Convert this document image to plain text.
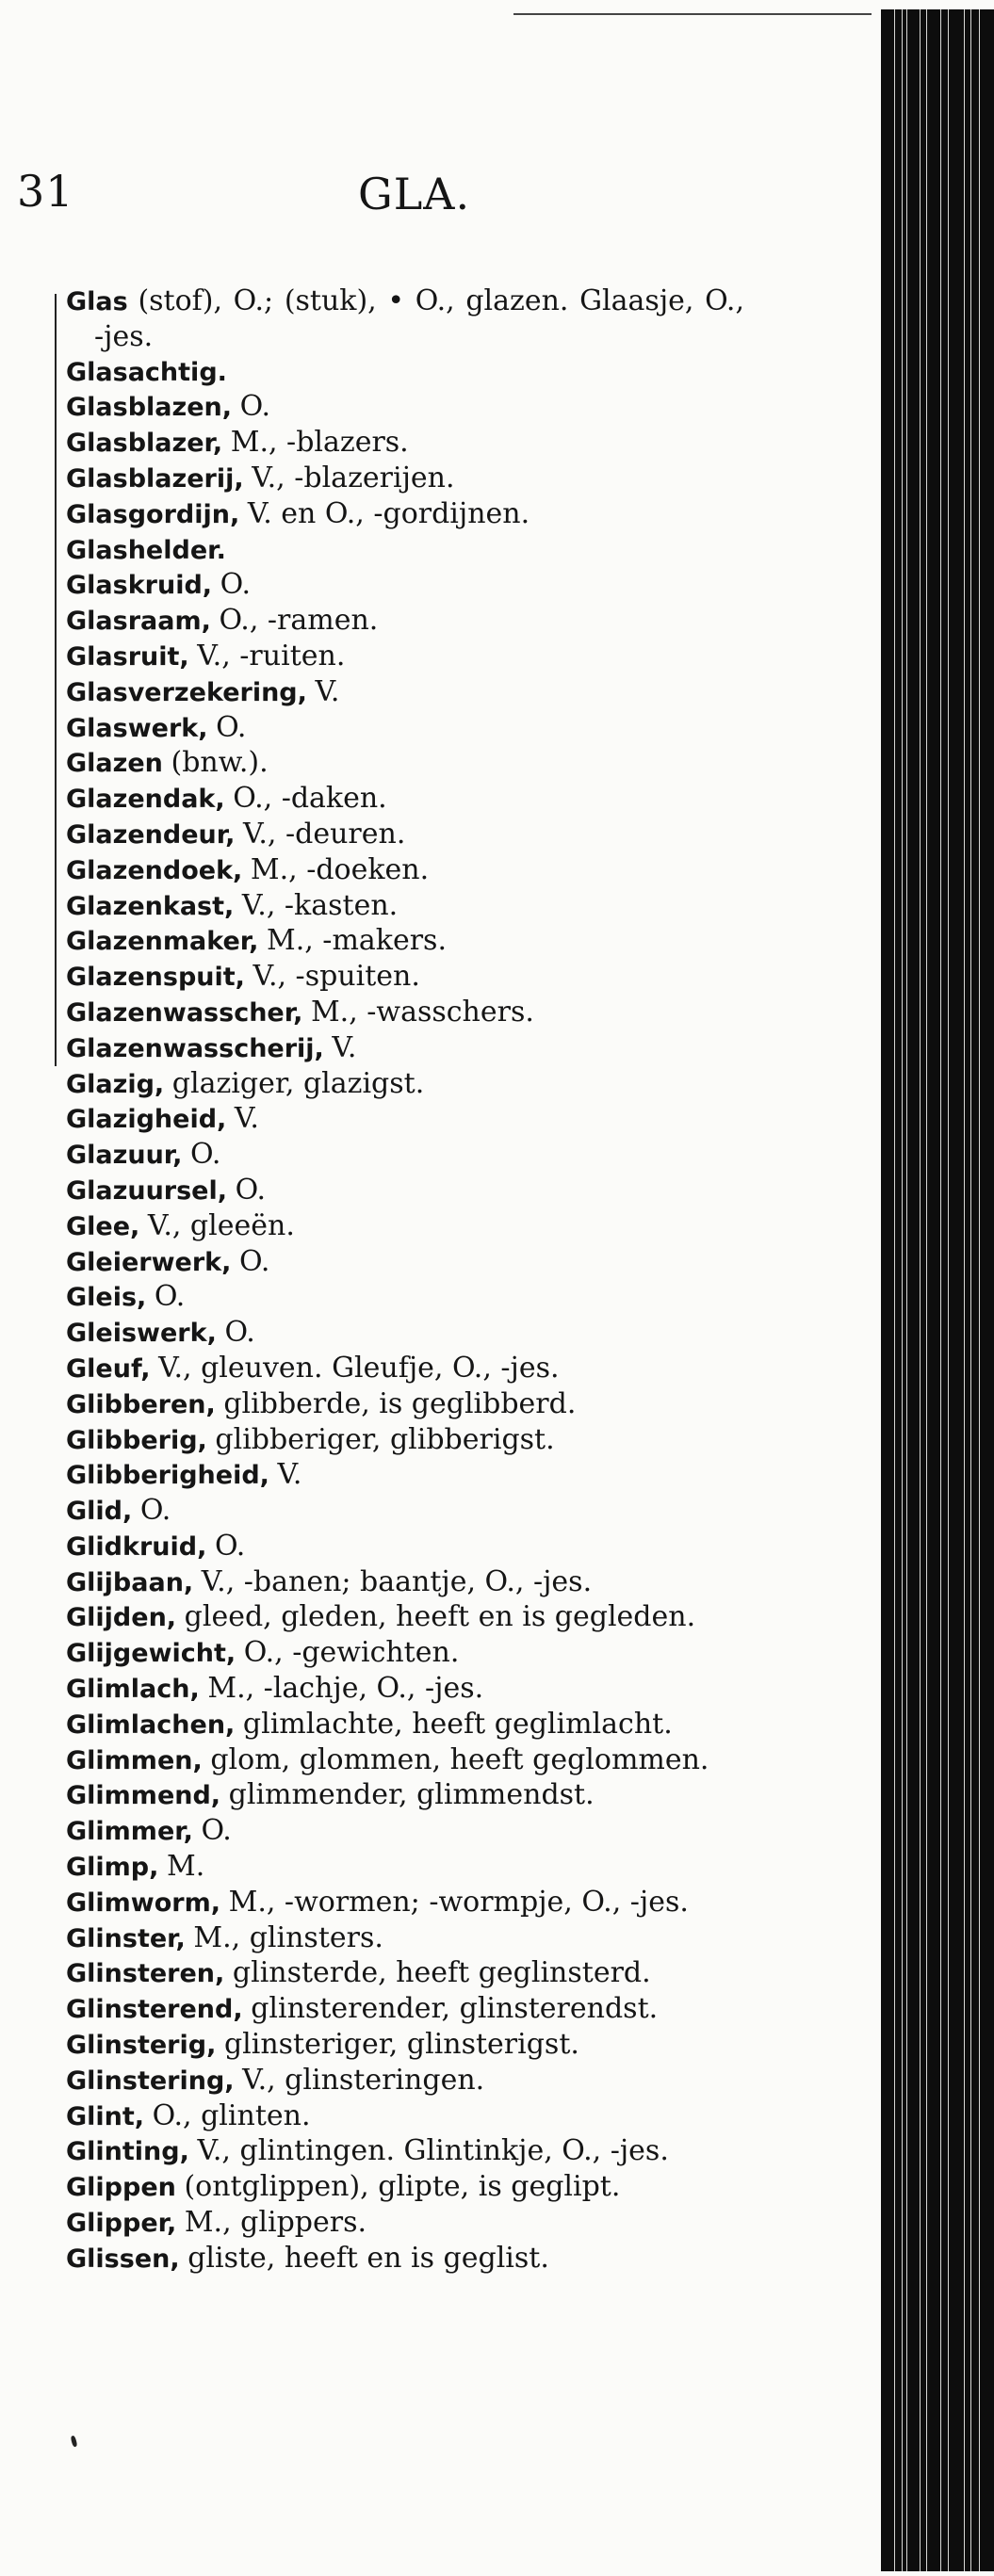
31	GLA.
Glas (stof), O.; (stuk), • O., glazen. Glaasje, O., -jes.
Glasachtig.
Glasblazen, O.
Glasblazer, M., -blazers.
Glasblazerij, V., -blazerijen.
Glasgordijn, V. en O., -gordijnen.
Glashelder.
Glaskruid, O.
Glasraam, O., -ramen.
Glasruit, V., -ruiten.
Glasverzekering, V.
Glaswerk, O.
Glazen (bnw.).
Glazendak, O., -daken.
Glazendeur, V., -deuren.
Glazendoek, M., -doeken.
Glazenkast, V., -kasten.
Glazenmaker, M., -makers.
Glazenspuit, V., -spuiten.
Glazenwasscher, M., -wasschers.
Glazenwasscherij, V.
Glazig, glaziger, glazigst.
Glazigheid, V.
Glazuur, O.
Glazuursel, O.
Glee, V., gleeën.
Gleierwerk, O.
Gleis, O.
Gleiswerk, O.
Gleuf, V., gleuven. Gleufje, O., -jes.
Glibberen, glibberde, is geglibberd.
Glibberig, glibberiger, glibberigst.
Glibberigheid, V.
Glid, O.
Glidkruid, O.
Glijbaan, V., -banen; baantje, O., -jes.
Glijden, gleed, gleden, heeft en is gegleden.
Glijgewicht, O., -gewichten.
Glimlach, M., -lachje, O., -jes.
Glimlachen, glimlachte, heeft geglimlacht.
Glimmen, glom, glommen, heeft geglommen.
Glimmend, glimmender, glimmendst.
Glimmer, O.
Glimp, M.
Glimworm, M., -wormen; -wormpje, O., -jes.
Glinster, M., glinsters.
Glinsteren, glinsterde, heeft geglinsterd.
Glinsterend, glinsterender, glinsterendst.
Glinsterig, glinsteriger, glinsterigst.
Glinstering, V., glinsteringen.
Glint, O., glinten.
Glinting, V., glintingen. Glintinkje, O., -jes.
Glippen (ontglippen), glipte, is geglipt.
Glipper, M., glippers.
Glissen, gliste, heeft en is geglist.
